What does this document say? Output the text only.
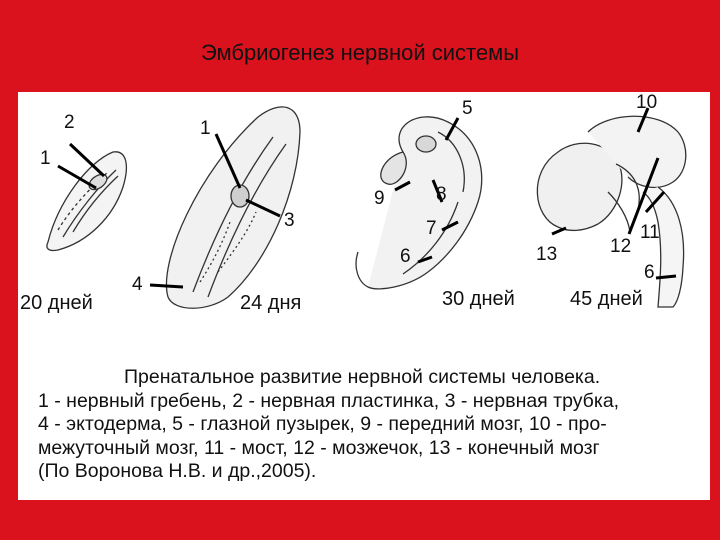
Эмбриогенез нервной системы
1
2	1
3
4
5
9	8
7
6
10
13	12
11
6
20 дней	24 дня	30 дней	45 дней
Пренатальное развитие нервной системы человека.
1 - нервный гребень, 2 - нервная пластинка, 3 - нервная трубка,
4 - эктодерма, 5 - глазной пузырек, 9 - передний мозг, 10 - про-
межуточный мозг, 11 - мост, 12 - мозжечок, 13 - конечный мозг
(По Воронова Н.В. и др.,2005).
